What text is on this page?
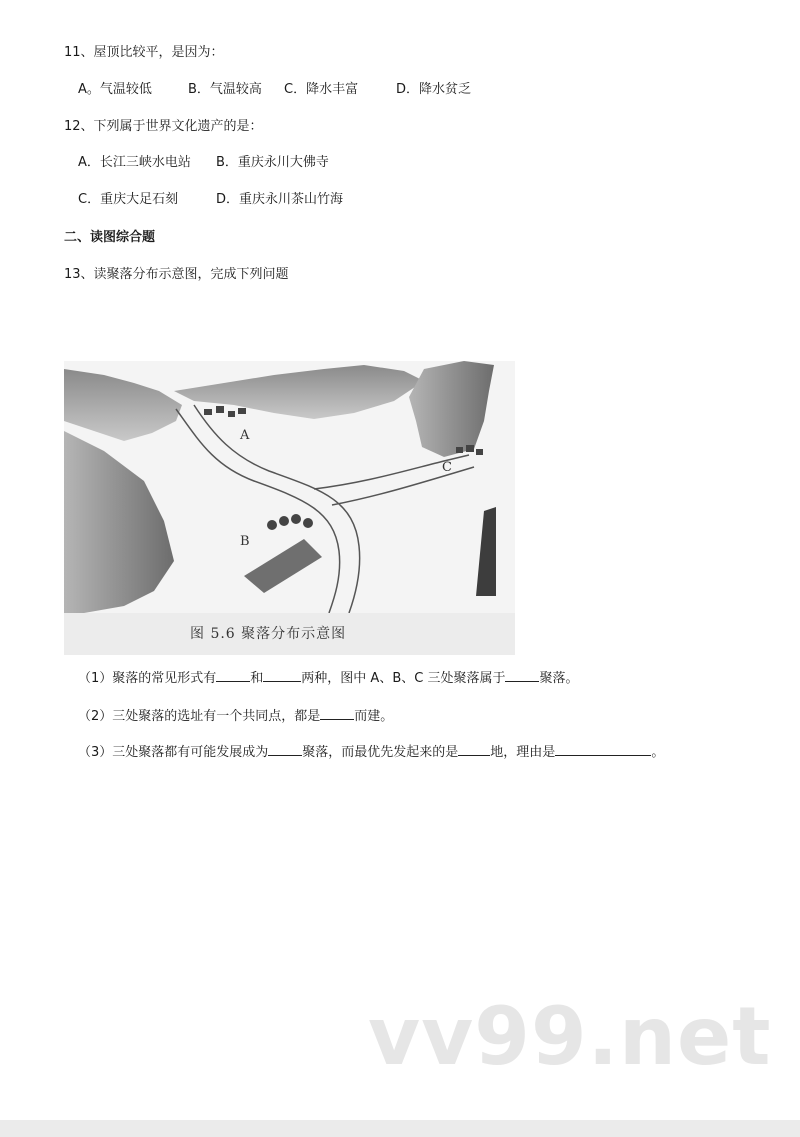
11、屋顶比较平，是因为：
A。气温较低	B．气温较高 C．降水丰富	D．降水贫乏
12、下列属于世界文化遗产的是：
A．长江三峡水电站 B．重庆永川大佛寺
C．重庆大足石刻	D．重庆永川茶山竹海
二、读图综合题
13、读聚落分布示意图，完成下列问题
A
B
C
图 5.6 聚落分布示意图
（1）聚落的常见形式有	和	两种，图中 A、B、C 三处聚落属于	聚落。
（2）三处聚落的选址有一个共同点，都是	而建。
（3）三处聚落都有可能发展成为	聚落，而最优先发起来的是 地，理由是	。
vv99.net
